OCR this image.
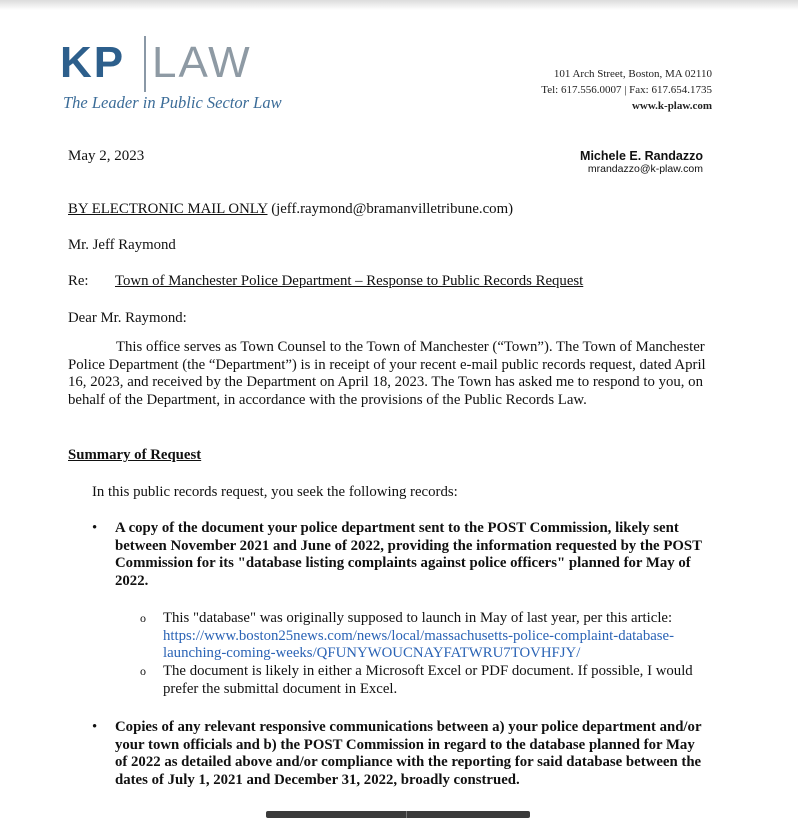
KP LAW
The Leader in Public Sector Law
101 Arch Street, Boston, MA 02110
Tel: 617.556.0007 | Fax: 617.654.1735
www.k-plaw.com
May 2, 2023	Michele E. Randazzo
mrandazzo@k-plaw.com
BY ELECTRONIC MAIL ONLY (jeff.raymond@bramanvilletribune.com)
Mr. Jeff Raymond
Re: Town of Manchester Police Department – Response to Public Records Request
Dear Mr. Raymond:
This office serves as Town Counsel to the Town of Manchester (“Town”). The Town of Manchester Police Department (the “Department”) is in receipt of your recent e-mail public records request, dated April 16, 2023, and received by the Department on April 18, 2023. The Town has asked me to respond to you, on behalf of the Department, in accordance with the provisions of the Public Records Law.
Summary of Request
In this public records request, you seek the following records:
•	A copy of the document your police department sent to the POST Commission, likely sent between November 2021 and June of 2022, providing the information requested by the POST Commission for its "database listing complaints against police officers" planned for May of 2022.
o This "database" was originally supposed to launch in May of last year, per this article: https://www.boston25news.com/news/local/massachusetts-police-complaint-database-launching-coming-weeks/QFUNYWOUCNAYFATWRU7TOVHFJY/
o The document is likely in either a Microsoft Excel or PDF document. If possible, I would prefer the submittal document in Excel.
•	Copies of any relevant responsive communications between a) your police department and/or your town officials and b) the POST Commission in regard to the database planned for May of 2022 as detailed above and/or compliance with the reporting for said database between the dates of July 1, 2021 and December 31, 2022, broadly construed.
